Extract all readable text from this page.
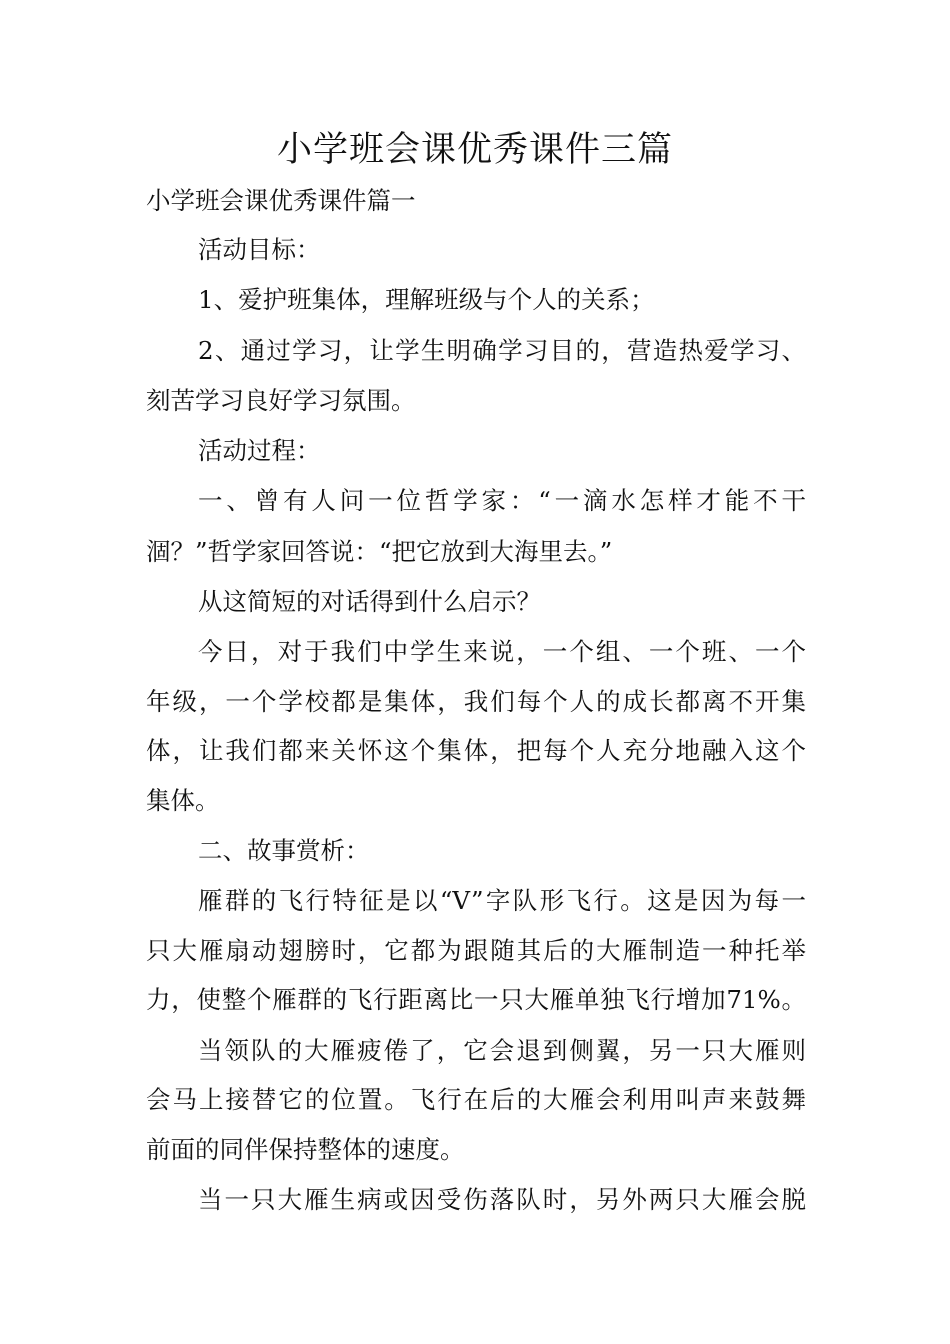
小学班会课优秀课件三篇
小学班会课优秀课件篇一
活动目标：
1、爱护班集体，理解班级与个人的关系；
2、通过学习，让学生明确学习目的，营造热爱学习、
刻苦学习良好学习氛围。
活动过程：
一、曾有人问一位哲学家：“一滴水怎样才能不干
涸？”哲学家回答说：“把它放到大海里去。”
从这简短的对话得到什么启示？
今日，对于我们中学生来说，一个组、一个班、一个
年级，一个学校都是集体，我们每个人的成长都离不开集
体，让我们都来关怀这个集体，把每个人充分地融入这个
集体。
二、故事赏析：
雁群的飞行特征是以“V”字队形飞行。这是因为每一
只大雁扇动翅膀时，它都为跟随其后的大雁制造一种托举
力，使整个雁群的飞行距离比一只大雁单独飞行增加71%。
当领队的大雁疲倦了，它会退到侧翼，另一只大雁则
会马上接替它的位置。飞行在后的大雁会利用叫声来鼓舞
前面的同伴保持整体的速度。
当一只大雁生病或因受伤落队时，另外两只大雁会脱
